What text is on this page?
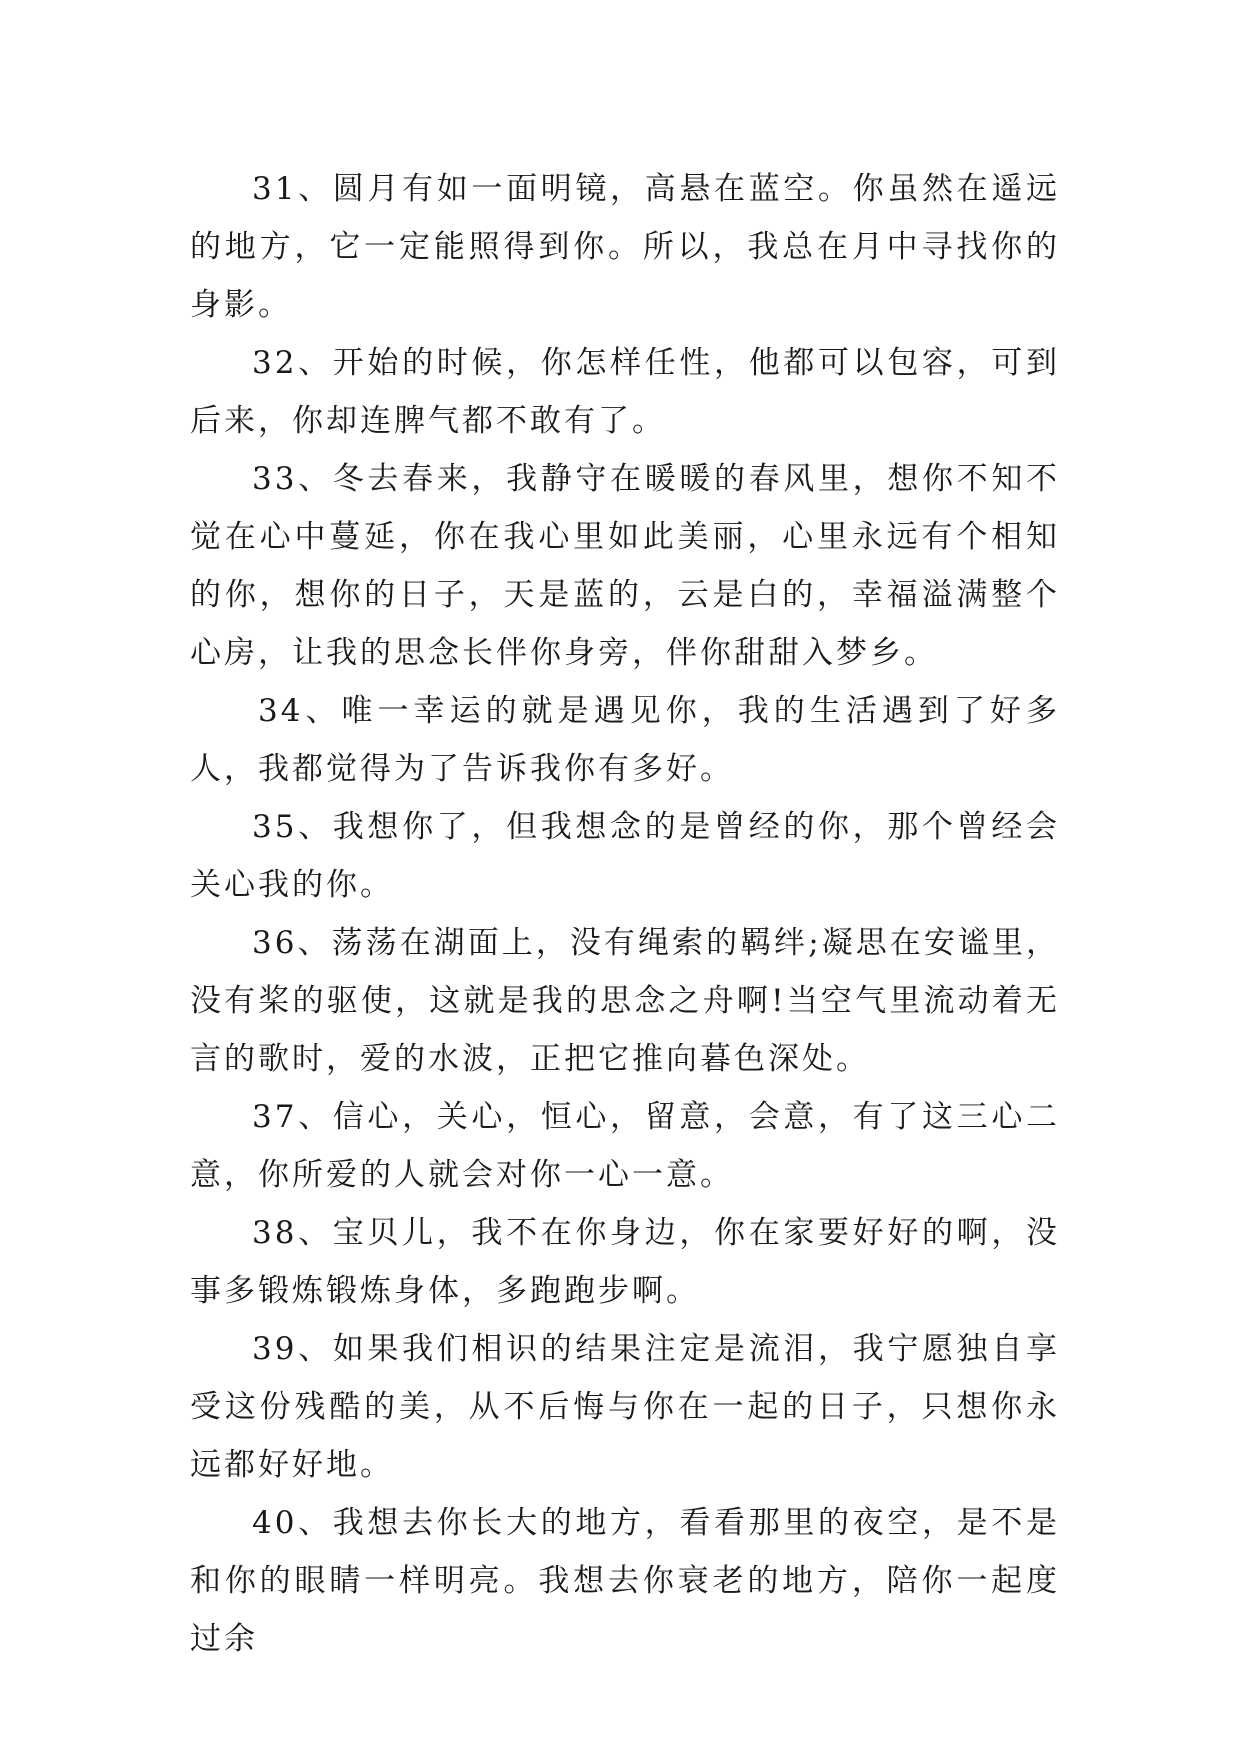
31、圆月有如一面明镜，高悬在蓝空。你虽然在遥远的地方，它一定能照得到你。所以，我总在月中寻找你的身影。

32、开始的时候，你怎样任性，他都可以包容，可到后来，你却连脾气都不敢有了。

33、冬去春来，我静守在暖暖的春风里，想你不知不觉在心中蔓延，你在我心里如此美丽，心里永远有个相知的你，想你的日子，天是蓝的，云是白的，幸福溢满整个心房，让我的思念长伴你身旁，伴你甜甜入梦乡。

34、唯一幸运的就是遇见你，我的生活遇到了好多人，我都觉得为了告诉我你有多好。

35、我想你了，但我想念的是曾经的你，那个曾经会关心我的你。

36、荡荡在湖面上，没有绳索的羁绊;凝思在安谧里，没有桨的驱使，这就是我的思念之舟啊!当空气里流动着无言的歌时，爱的水波，正把它推向暮色深处。

37、信心，关心，恒心，留意，会意，有了这三心二意，你所爱的人就会对你一心一意。

38、宝贝儿，我不在你身边，你在家要好好的啊，没事多锻炼锻炼身体，多跑跑步啊。

39、如果我们相识的结果注定是流泪，我宁愿独自享受这份残酷的美，从不后悔与你在一起的日子，只想你永远都好好地。

40、我想去你长大的地方，看看那里的夜空，是不是和你的眼睛一样明亮。我想去你衰老的地方，陪你一起度过余
